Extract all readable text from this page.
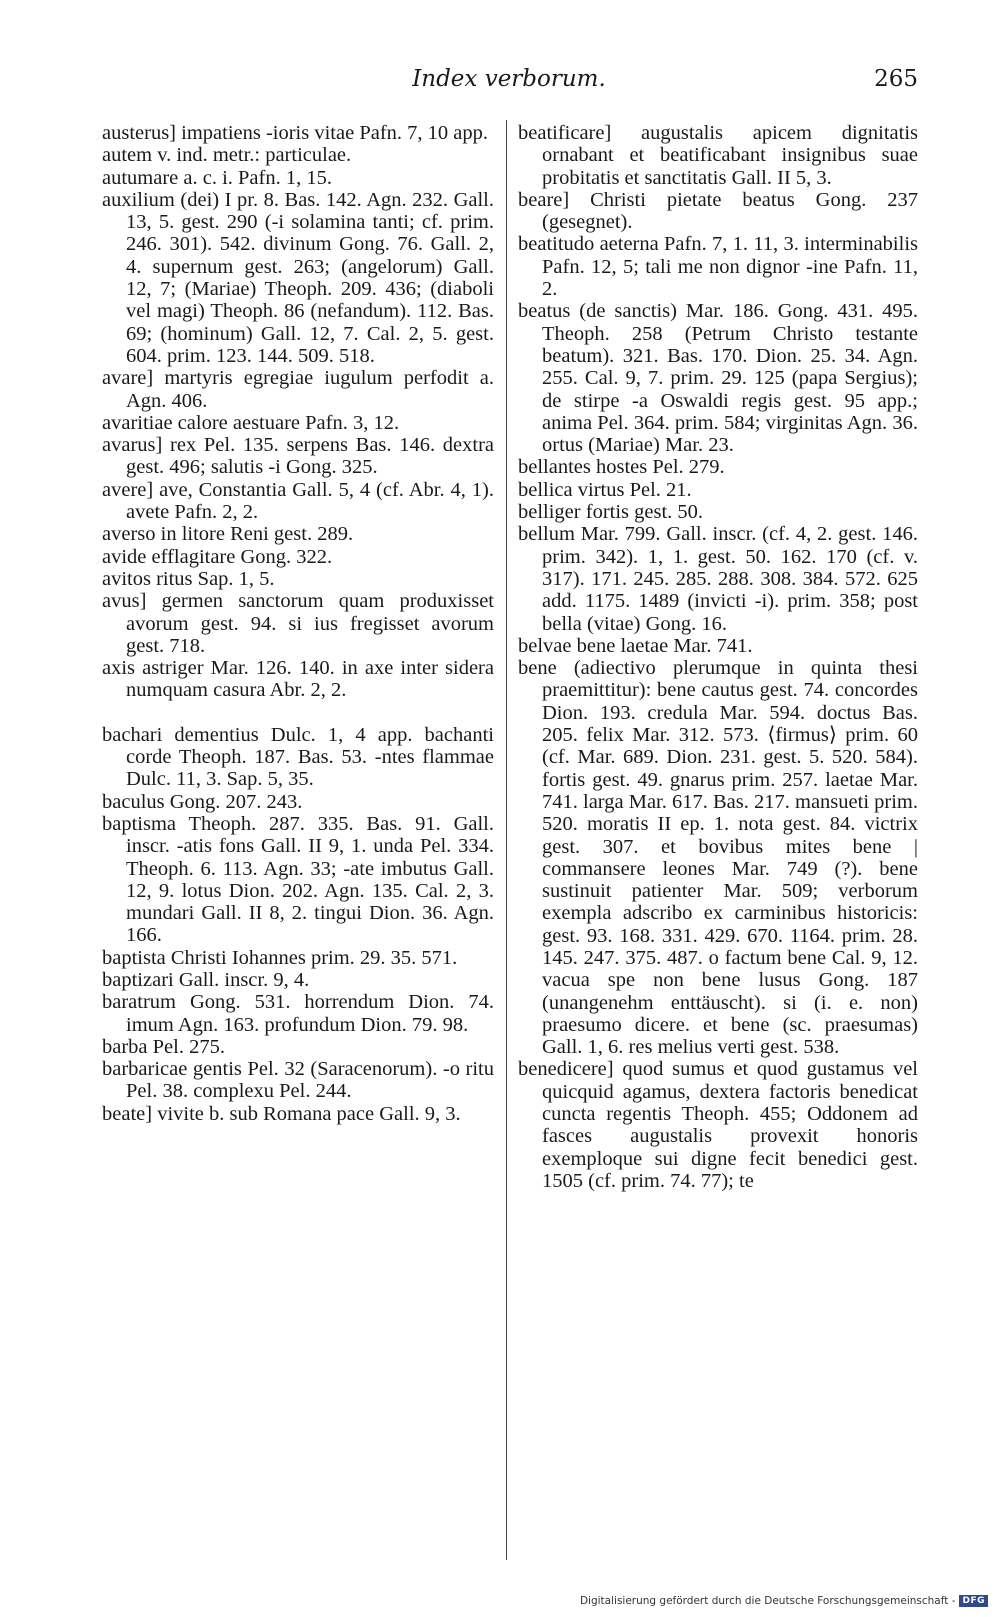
Index verborum.	265

austerus] impatiens -ioris vitae Pafn. 7, 10 app.

autem v. ind. metr.: particulae.

autumare a. c. i. Pafn. 1, 15.

auxilium (dei) I pr. 8. Bas. 142. Agn. 232. Gall. 13, 5. gest. 290 (-i solamina tanti; cf. prim. 246. 301). 542. divinum Gong. 76. Gall. 2, 4. supernum gest. 263; (angelorum) Gall. 12, 7; (Mariae) Theoph. 209. 436; (diaboli vel magi) Theoph. 86 (nefandum). 112. Bas. 69; (hominum) Gall. 12, 7. Cal. 2, 5. gest. 604. prim. 123. 144. 509. 518.

avare] martyris egregiae iugulum perfodit a. Agn. 406.

avaritiae calore aestuare Pafn. 3, 12.

avarus] rex Pel. 135. serpens Bas. 146. dextra gest. 496; salutis -i Gong. 325.

avere] ave, Constantia Gall. 5, 4 (cf. Abr. 4, 1). avete Pafn. 2, 2.

averso in litore Reni gest. 289.

avide efflagitare Gong. 322.

avitos ritus Sap. 1, 5.

avus] germen sanctorum quam produxisset avorum gest. 94. si ius fregisset avorum gest. 718.

axis astriger Mar. 126. 140. in axe inter sidera numquam casura Abr. 2, 2.

bachari dementius Dulc. 1, 4 app. bachanti corde Theoph. 187. Bas. 53. -ntes flammae Dulc. 11, 3. Sap. 5, 35.

baculus Gong. 207. 243.

baptisma Theoph. 287. 335. Bas. 91. Gall. inscr. -atis fons Gall. II 9, 1. unda Pel. 334. Theoph. 6. 113. Agn. 33; -ate imbutus Gall. 12, 9. lotus Dion. 202. Agn. 135. Cal. 2, 3. mundari Gall. II 8, 2. tingui Dion. 36. Agn. 166.

baptista Christi Iohannes prim. 29. 35. 571.

baptizari Gall. inscr. 9, 4.

baratrum Gong. 531. horrendum Dion. 74. imum Agn. 163. profundum Dion. 79. 98.

barba Pel. 275.

barbaricae gentis Pel. 32 (Saracenorum). -o ritu Pel. 38. complexu Pel. 244.

beate] vivite b. sub Romana pace Gall. 9, 3.

beatificare] augustalis apicem dignitatis ornabant et beatificabant insignibus suae probitatis et sanctitatis Gall. II 5, 3.

beare] Christi pietate beatus Gong. 237 (gesegnet).

beatitudo aeterna Pafn. 7, 1. 11, 3. interminabilis Pafn. 12, 5; tali me non dignor -ine Pafn. 11, 2.

beatus (de sanctis) Mar. 186. Gong. 431. 495. Theoph. 258 (Petrum Christo testante beatum). 321. Bas. 170. Dion. 25. 34. Agn. 255. Cal. 9, 7. prim. 29. 125 (papa Sergius); de stirpe -a Oswaldi regis gest. 95 app.; anima Pel. 364. prim. 584; virginitas Agn. 36. ortus (Mariae) Mar. 23.

bellantes hostes Pel. 279.

bellica virtus Pel. 21.

belliger fortis gest. 50.

bellum Mar. 799. Gall. inscr. (cf. 4, 2. gest. 146. prim. 342). 1, 1. gest. 50. 162. 170 (cf. v. 317). 171. 245. 285. 288. 308. 384. 572. 625 add. 1175. 1489 (invicti -i). prim. 358; post bella (vitae) Gong. 16.

belvae bene laetae Mar. 741.

bene (adiectivo plerumque in quinta thesi praemittitur): bene cautus gest. 74. concordes Dion. 193. credula Mar. 594. doctus Bas. 205. felix Mar. 312. 573. ⟨firmus⟩ prim. 60 (cf. Mar. 689. Dion. 231. gest. 5. 520. 584). fortis gest. 49. gnarus prim. 257. laetae Mar. 741. larga Mar. 617. Bas. 217. mansueti prim. 520. moratis II ep. 1. nota gest. 84. victrix gest. 307. et bovibus mites bene | commansere leones Mar. 749 (?). bene sustinuit patienter Mar. 509; verborum exempla adscribo ex carminibus historicis: gest. 93. 168. 331. 429. 670. 1164. prim. 28. 145. 247. 375. 487. o factum bene Cal. 9, 12. vacua spe non bene lusus Gong. 187 (unangenehm enttäuscht). si (i. e. non) praesumo dicere. et bene (sc. praesumas) Gall. 1, 6. res melius verti gest. 538.

benedicere] quod sumus et quod gustamus vel quicquid agamus, dextera factoris benedicat cuncta regentis Theoph. 455; Oddonem ad fasces augustalis provexit honoris exemploque sui digne fecit benedici gest. 1505 (cf. prim. 74. 77); te

Digitalisierung gefördert durch die Deutsche Forschungsgemeinschaft - DFG
